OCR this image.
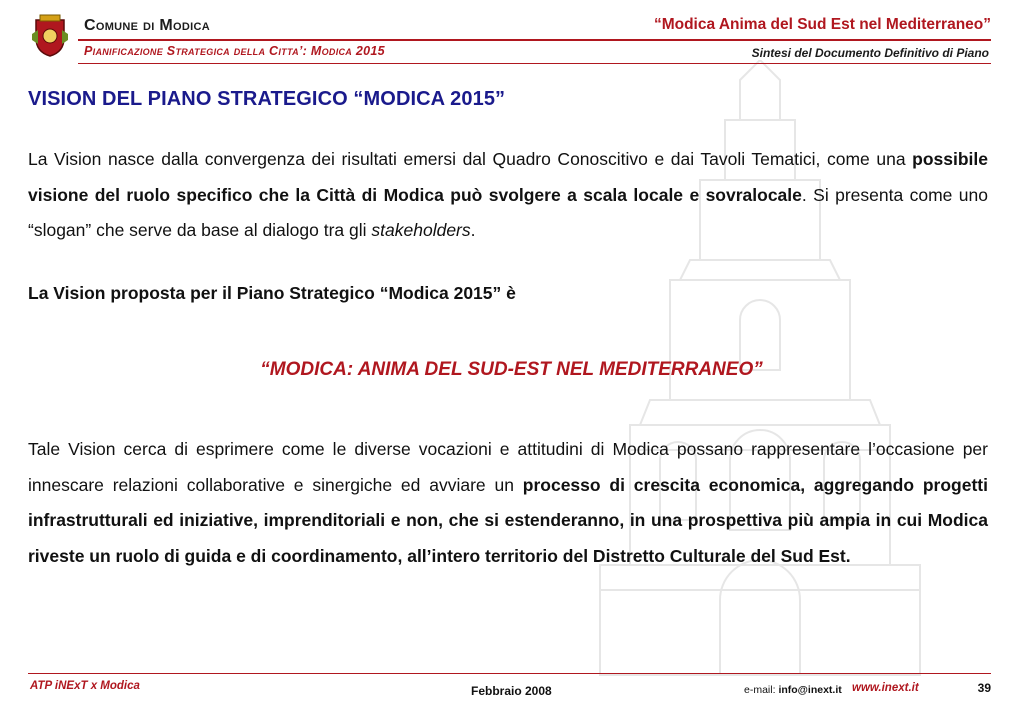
Comune di Modica	“Modica Anima del Sud Est nel Mediterraneo”
Pianificazione Strategica della Citta’: Modica 2015	Sintesi del Documento Definitivo di Piano
VISION DEL PIANO STRATEGICO “MODICA 2015”
La Vision nasce dalla convergenza dei risultati emersi dal Quadro Conoscitivo e dai Tavoli Tematici, come una possibile visione del ruolo specifico che la Città di Modica può svolgere a scala locale e sovralocale. Si presenta come uno “slogan” che serve da base al dialogo tra gli stakeholders.
La Vision proposta per il Piano Strategico “Modica 2015” è
“MODICA: ANIMA DEL SUD-EST NEL MEDITERRANEO”
Tale Vision cerca di esprimere come le diverse vocazioni e attitudini di Modica possano rappresentare l’occasione per innescare relazioni collaborative e sinergiche ed avviare un processo di crescita economica, aggregando progetti infrastrutturali ed iniziative, imprenditoriali e non, che si estenderanno, in una prospettiva più ampia in cui Modica riveste un ruolo di guida e di coordinamento, all’intero territorio del Distretto Culturale del Sud Est.
ATP iNExT x Modica	Febbraio 2008	e-mail: info@inext.it www.inext.it	39
